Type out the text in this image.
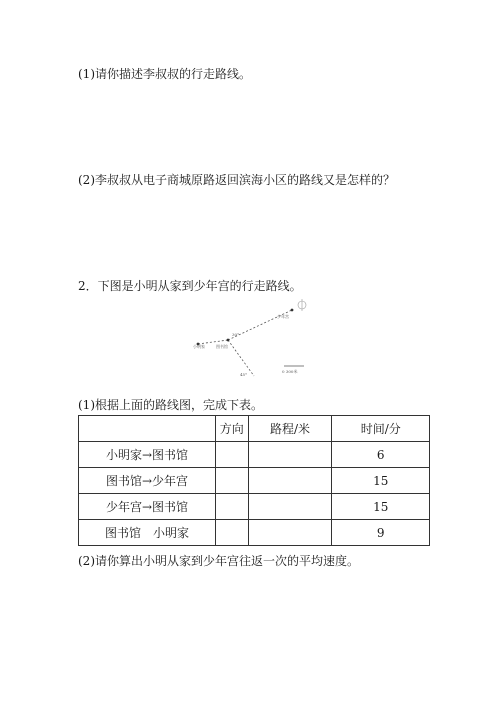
(1)请你描述李叔叔的行走路线。
(2)李叔叔从电子商城原路返回滨海小区的路线又是怎样的？
2．下图是小明从家到少年宫的行走路线。
小明家	图书馆
少年宫
30°
45°
0 300米
(1)根据上面的路线图，完成下表。
	方向	路程/米	时间/分
小明家→图书馆			6
图书馆→少年宫			15
少年宫→图书馆			15
图书馆　小明家			9
(2)请你算出小明从家到少年宫往返一次的平均速度。
